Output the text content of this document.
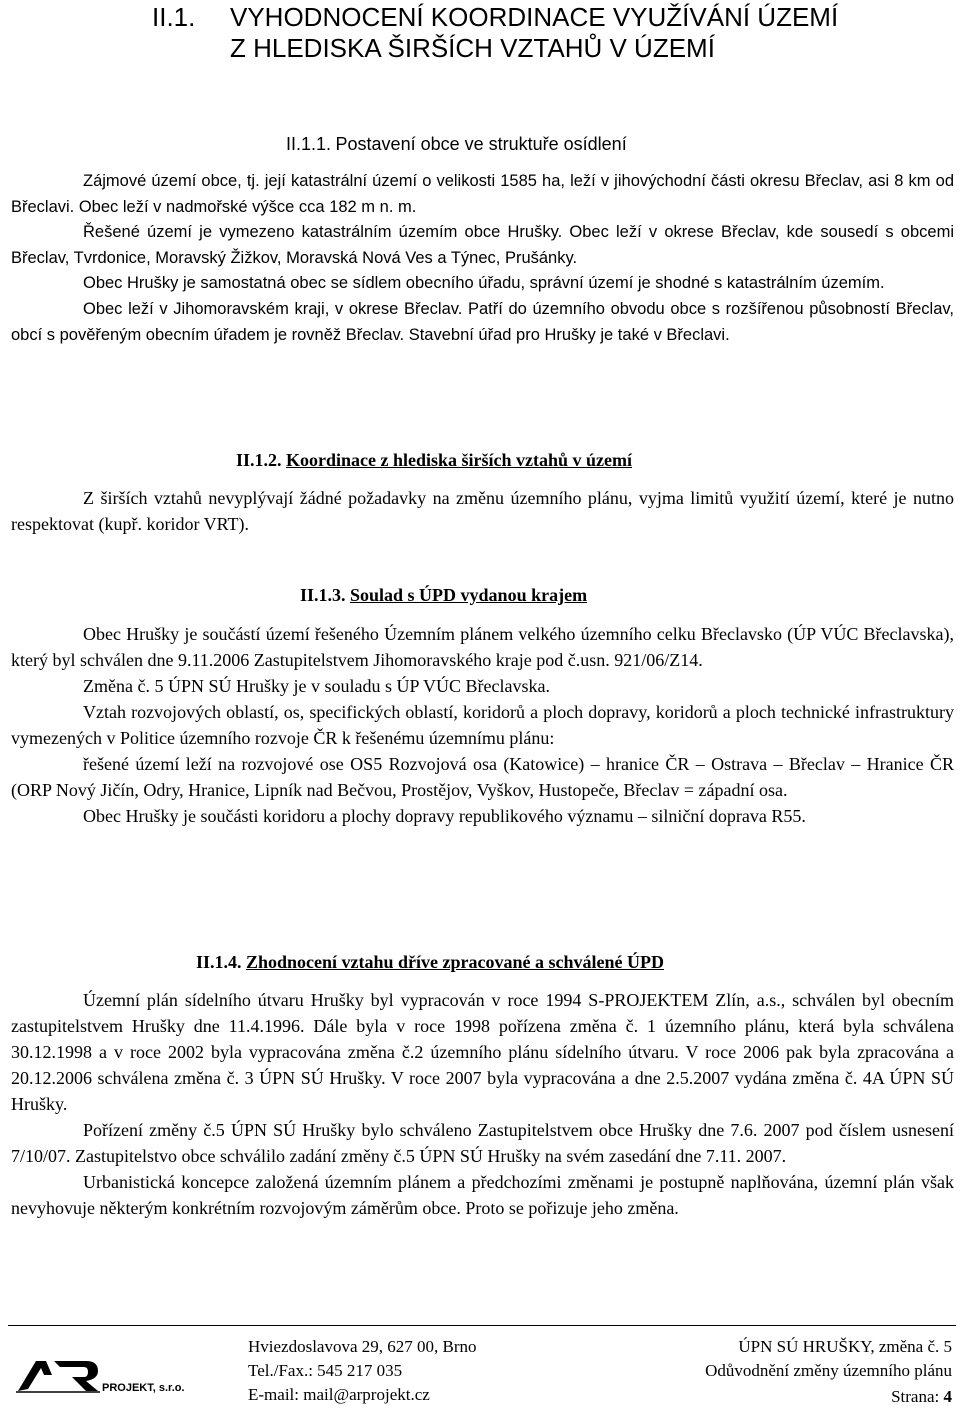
II.1. VYHODNOCENÍ KOORDINACE VYUŽÍVÁNÍ ÚZEMÍ
Z HLEDISKA ŠIRŠÍCH VZTAHŮ V ÚZEMÍ
II.1.1. Postavení obce ve struktuře osídlení

Zájmové území obce, tj. její katastrální území o velikosti 1585 ha, leží v jihovýchodní části okresu Břeclav, asi 8 km od Břeclavi. Obec leží v nadmořské výšce cca 182 m n. m.

Řešené území je vymezeno katastrálním územím obce Hrušky. Obec leží v okrese Břeclav, kde sousedí s obcemi Břeclav, Tvrdonice, Moravský Žižkov, Moravská Nová Ves a Týnec, Prušánky.

Obec Hrušky je samostatná obec se sídlem obecního úřadu, správní území je shodné s katastrálním územím.

Obec leží v Jihomoravském kraji, v okrese Břeclav. Patří do územního obvodu obce s rozšířenou působností Břeclav, obcí s pověřeným obecním úřadem je rovněž Břeclav. Stavební úřad pro Hrušky je také v Břeclavi.

II.1.2. Koordinace z hlediska širších vztahů v území

Z širších vztahů nevyplývají žádné požadavky na změnu územního plánu, vyjma limitů využití území, které je nutno respektovat (kupř. koridor VRT).

II.1.3. Soulad s ÚPD vydanou krajem

Obec Hrušky je součástí území řešeného Územním plánem velkého územního celku Břeclavsko (ÚP VÚC Břeclavska), který byl schválen dne 9.11.2006 Zastupitelstvem Jihomoravského kraje pod č.usn. 921/06/Z14.

Změna č. 5 ÚPN SÚ Hrušky je v souladu s ÚP VÚC Břeclavska.

Vztah rozvojových oblastí, os, specifických oblastí, koridorů a ploch dopravy, koridorů a ploch technické infrastruktury vymezených v Politice územního rozvoje ČR k řešenému územnímu plánu:

řešené území leží na rozvojové ose OS5 Rozvojová osa (Katowice) – hranice ČR – Ostrava – Břeclav – Hranice ČR (ORP Nový Jičín, Odry, Hranice, Lipník nad Bečvou, Prostějov, Vyškov, Hustopeče, Břeclav = západní osa.

Obec Hrušky je součásti koridoru a plochy dopravy republikového významu – silniční doprava R55.

II.1.4. Zhodnocení vztahu dříve zpracované a schválené ÚPD

Územní plán sídelního útvaru Hrušky byl vypracován v roce 1994 S-PROJEKTEM Zlín, a.s., schválen byl obecním zastupitelstvem Hrušky dne 11.4.1996. Dále byla v roce 1998 pořízena změna č. 1 územního plánu, která byla schválena 30.12.1998 a v roce 2002 byla vypracována změna č.2 územního plánu sídelního útvaru. V roce 2006 pak byla zpracována a 20.12.2006 schválena změna č. 3 ÚPN SÚ Hrušky. V roce 2007 byla vypracována a dne 2.5.2007 vydána změna č. 4A ÚPN SÚ Hrušky.

Pořízení změny č.5 ÚPN SÚ Hrušky bylo schváleno Zastupitelstvem obce Hrušky dne 7.6. 2007 pod číslem usnesení 7/10/07. Zastupitelstvo obce schválilo zadání změny č.5 ÚPN SÚ Hrušky na svém zasedání dne 7.11. 2007.

Urbanistická koncepce založená územním plánem a předchozími změnami je postupně naplňována, územní plán však nevyhovuje některým konkrétním rozvojovým záměrům obce. Proto se pořizuje jeho změna.

PROJEKT, s.r.o.
Hviezdoslavova 29, 627 00, Brno
Tel./Fax.: 545 217 035
E-mail: mail@arprojekt.cz
ÚPN SÚ HRUŠKY, změna č. 5
Odůvodnění změny územního plánu
Strana: 4
